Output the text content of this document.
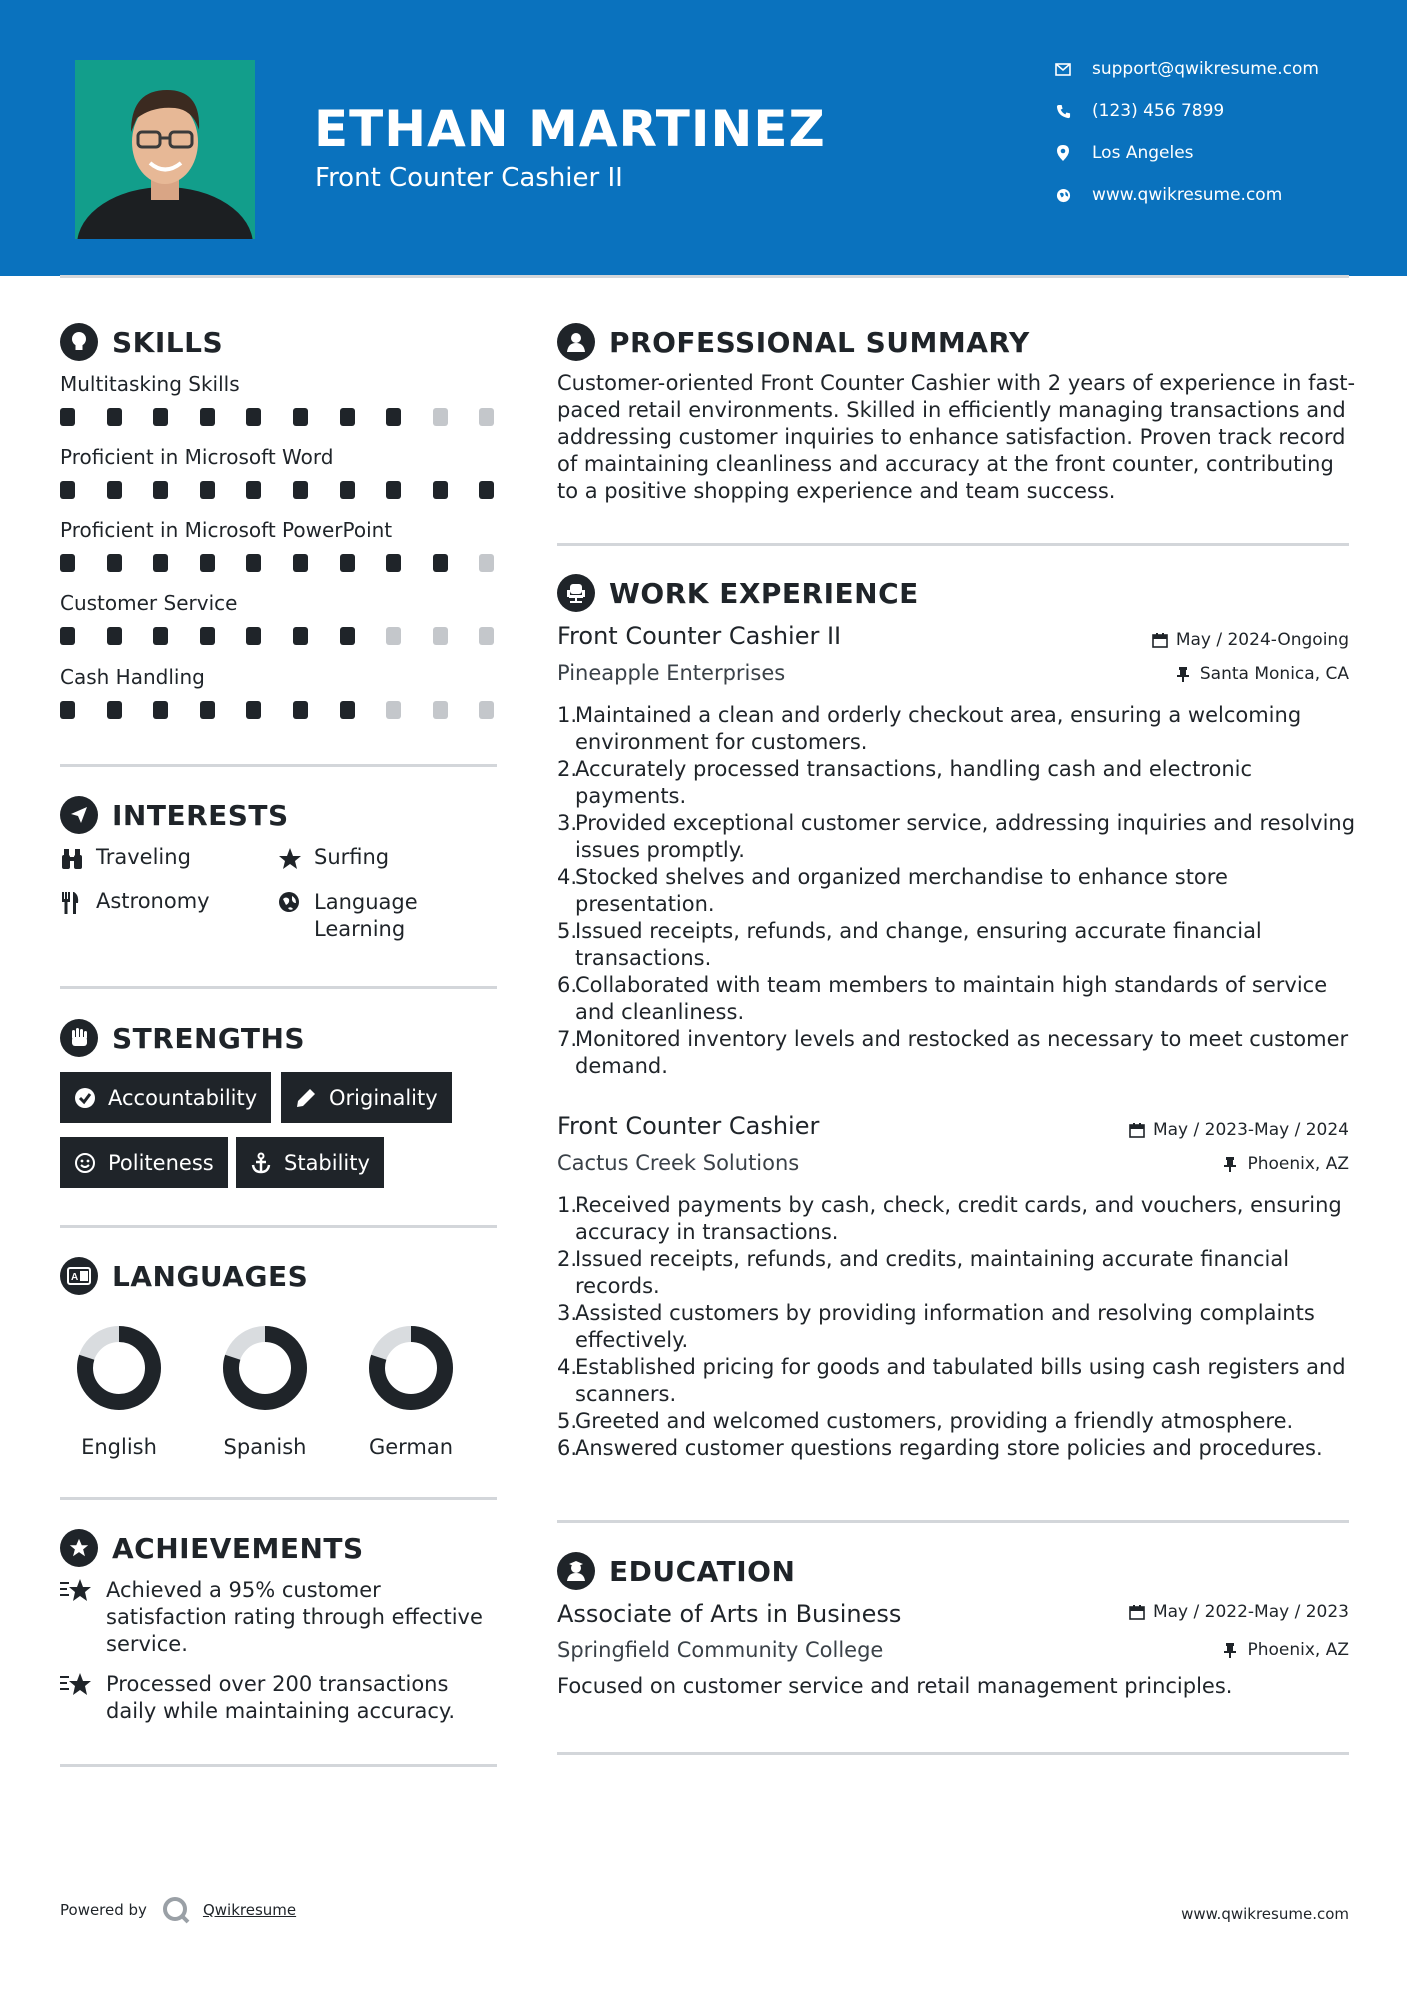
ETHAN MARTINEZ
Front Counter Cashier II
support@qwikresume.com
(123) 456 7899
Los Angeles
www.qwikresume.com
SKILLS
Multitasking Skills
Proficient in Microsoft Word
Proficient in Microsoft PowerPoint
Customer Service
Cash Handling
INTERESTS
Traveling	Surfing
Astronomy	Language Learning
STRENGTHS
Accountability	Originality
Politeness	Stability
A LANGUAGES
English	Spanish	German
ACHIEVEMENTS
Achieved a 95% customer satisfaction rating through effective service.
Processed over 200 transactions daily while maintaining accuracy.
PROFESSIONAL SUMMARY
Customer-oriented Front Counter Cashier with 2 years of experience in fast-paced retail environments. Skilled in efficiently managing transactions and addressing customer inquiries to enhance satisfaction. Proven track record of maintaining cleanliness and accuracy at the front counter, contributing to a positive shopping experience and team success.
WORK EXPERIENCE
Front Counter Cashier II	May / 2024-Ongoing
Pineapple Enterprises	Santa Monica, CA
1.
Maintained a clean and orderly checkout area, ensuring a welcoming environment for customers.
2.
Accurately processed transactions, handling cash and electronic payments.
3.
Provided exceptional customer service, addressing inquiries and resolving issues promptly.
4.
Stocked shelves and organized merchandise to enhance store presentation.
5.
Issued receipts, refunds, and change, ensuring accurate financial transactions.
6.
Collaborated with team members to maintain high standards of service and cleanliness.
7.
Monitored inventory levels and restocked as necessary to meet customer demand.
Front Counter Cashier	May / 2023-May / 2024
Cactus Creek Solutions	Phoenix, AZ
1.
Received payments by cash, check, credit cards, and vouchers, ensuring accuracy in transactions.
2.
Issued receipts, refunds, and credits, maintaining accurate financial records.
3.
Assisted customers by providing information and resolving complaints effectively.
4.
Established pricing for goods and tabulated bills using cash registers and scanners.
5.
Greeted and welcomed customers, providing a friendly atmosphere.
6.
Answered customer questions regarding store policies and procedures.
EDUCATION
Associate of Arts in Business	May / 2022-May / 2023
Springfield Community College	Phoenix, AZ
Focused on customer service and retail management principles.
Powered by	Qwikresume	www.qwikresume.com
